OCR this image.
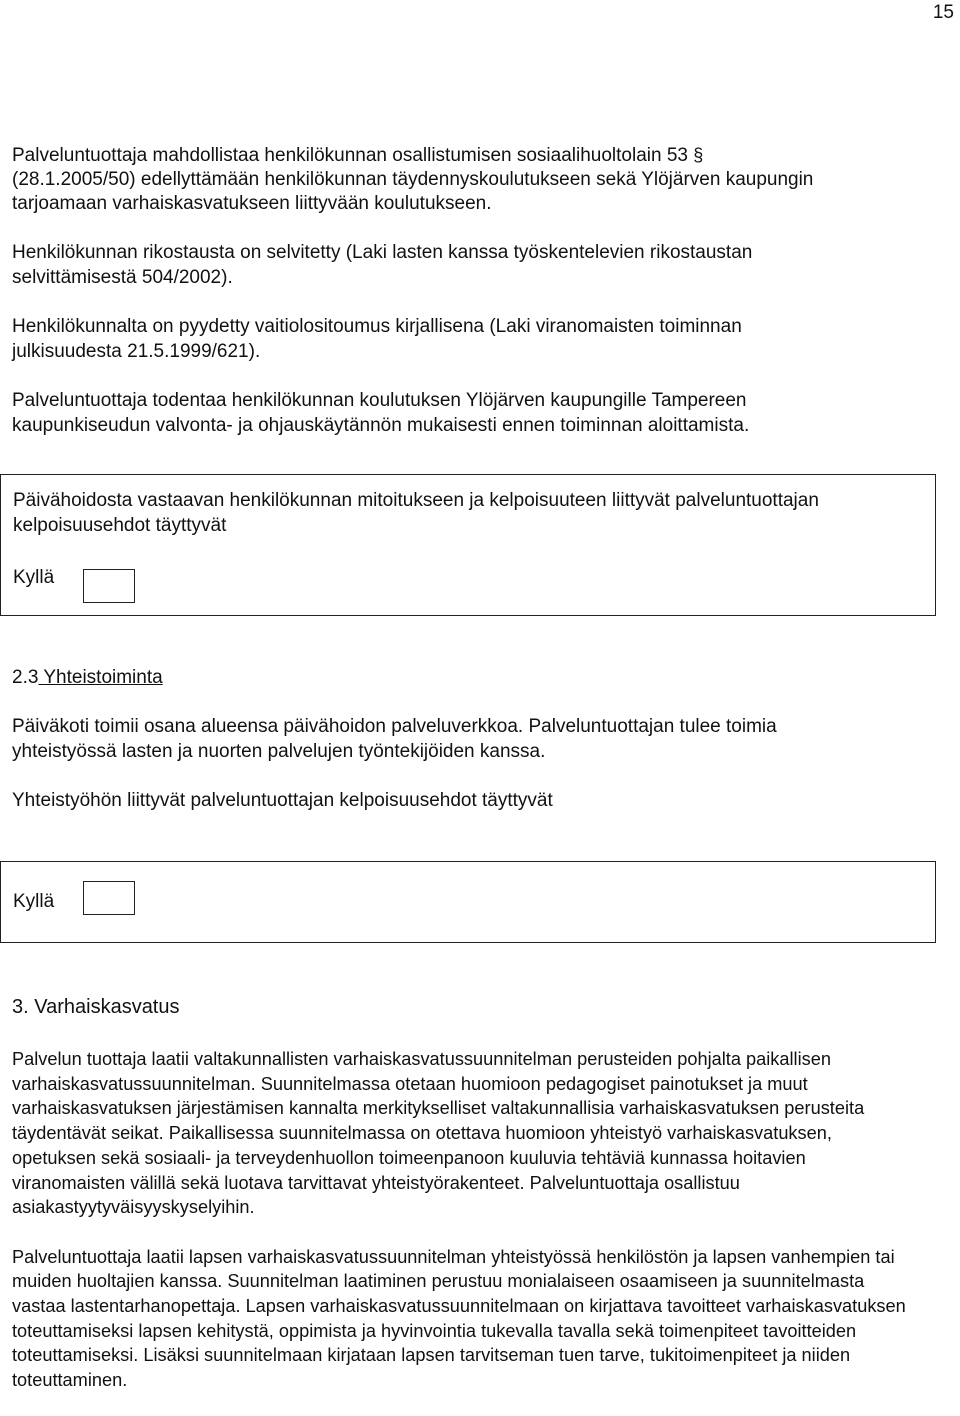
15
Palveluntuottaja mahdollistaa henkilökunnan osallistumisen sosiaalihuoltolain 53 §
(28.1.2005/50) edellyttämään henkilökunnan täydennyskoulutukseen sekä Ylöjärven kaupungin
tarjoamaan varhaiskasvatukseen liittyvään koulutukseen.
Henkilökunnan rikostausta on selvitetty (Laki lasten kanssa työskentelevien rikostaustan
selvittämisestä 504/2002).
Henkilökunnalta on pyydetty vaitiolositoumus kirjallisena (Laki viranomaisten toiminnan
julkisuudesta 21.5.1999/621).
Palveluntuottaja todentaa henkilökunnan koulutuksen Ylöjärven kaupungille Tampereen
kaupunkiseudun valvonta- ja ohjauskäytännön mukaisesti ennen toiminnan aloittamista.
Päivähoidosta vastaavan henkilökunnan mitoitukseen ja kelpoisuuteen liittyvät palveluntuottajan
kelpoisuusehdot täyttyvät
Kyllä
2.3 Yhteistoiminta
Päiväkoti toimii osana alueensa päivähoidon palveluverkkoa. Palveluntuottajan tulee toimia
yhteistyössä lasten ja nuorten palvelujen työntekijöiden kanssa.
Yhteistyöhön liittyvät palveluntuottajan kelpoisuusehdot täyttyvät
Kyllä
3. Varhaiskasvatus

Palvelun tuottaja laatii valtakunnallisten varhaiskasvatussuunnitelman perusteiden pohjalta paikallisen varhaiskasvatussuunnitelman. Suunnitelmassa otetaan huomioon pedagogiset painotukset ja muut varhaiskasvatuksen järjestämisen kannalta merkitykselliset valtakunnallisia varhaiskasvatuksen perusteita täydentävät seikat. Paikallisessa suunnitelmassa on otettava huomioon yhteistyö varhaiskasvatuksen, opetuksen sekä sosiaali- ja terveydenhuollon toimeenpanoon kuuluvia tehtäviä kunnassa hoitavien viranomaisten välillä sekä luotava tarvittavat yhteistyörakenteet. Palveluntuottaja osallistuu asiakastyytyväisyyskyselyihin.

Palveluntuottaja laatii lapsen varhaiskasvatussuunnitelman yhteistyössä henkilöstön ja lapsen vanhempien tai muiden huoltajien kanssa. Suunnitelman laatiminen perustuu monialaiseen osaamiseen ja suunnitelmasta vastaa lastentarhanopettaja. Lapsen varhaiskasvatussuunnitelmaan on kirjattava tavoitteet varhaiskasvatuksen toteuttamiseksi lapsen kehitystä, oppimista ja hyvinvointia tukevalla tavalla sekä toimenpiteet tavoitteiden toteuttamiseksi. Lisäksi suunnitelmaan kirjataan lapsen tarvitseman tuen tarve, tukitoimenpiteet ja niiden toteuttaminen.
